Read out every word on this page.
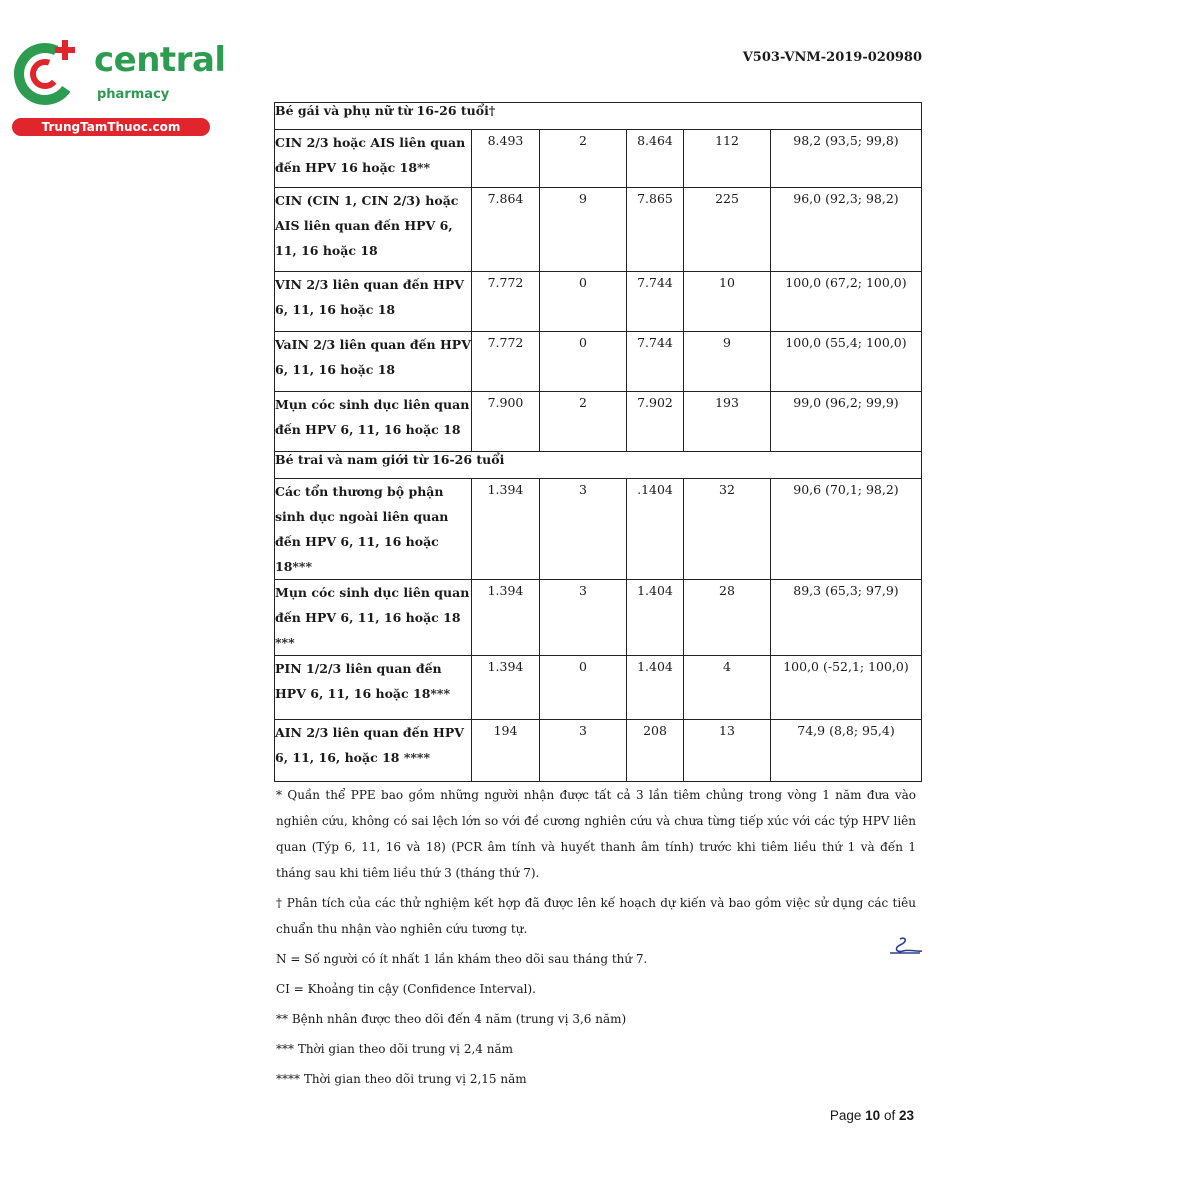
central
pharmacy
TrungTamThuoc.com
V503-VNM-2019-020980
Bé gái và phụ nữ từ 16-26 tuổi†					
CIN 2/3 hoặc AIS liên quan đến HPV 16 hoặc 18**	8.493	2	8.464	112	98,2 (93,5; 99,8)
CIN (CIN 1, CIN 2/3) hoặc AIS liên quan đến HPV 6, 11, 16 hoặc 18	7.864	9	7.865	225	96,0 (92,3; 98,2)
VIN 2/3 liên quan đến HPV 6, 11, 16 hoặc 18	7.772	0	7.744	10	100,0 (67,2; 100,0)
VaIN 2/3 liên quan đến HPV 6, 11, 16 hoặc 18	7.772	0	7.744	9	100,0 (55,4; 100,0)
Mụn cóc sinh dục liên quan đến HPV 6, 11, 16 hoặc 18	7.900	2	7.902	193	99,0 (96,2; 99,9)
Bé trai và nam giới từ 16-26 tuổi					
Các tổn thương bộ phận sinh dục ngoài liên quan đến HPV 6, 11, 16 hoặc 18***	1.394	3	.1404	32	90,6 (70,1; 98,2)
Mụn cóc sinh dục liên quan đến HPV 6, 11, 16 hoặc 18 ***	1.394	3	1.404	28	89,3 (65,3; 97,9)
PIN 1/2/3 liên quan đến HPV 6, 11, 16 hoặc 18***	1.394	0	1.404	4	100,0 (-52,1; 100,0)
AIN 2/3 liên quan đến HPV 6, 11, 16, hoặc 18 ****	194	3	208	13	74,9 (8,8; 95,4)

* Quần thể PPE bao gồm những người nhận được tất cả 3 lần tiêm chủng trong vòng 1 năm đưa vào nghiên cứu, không có sai lệch lớn so với đề cương nghiên cứu và chưa từng tiếp xúc với các týp HPV liên quan (Týp 6, 11, 16 và 18) (PCR âm tính và huyết thanh âm tính) trước khi tiêm liều thứ 1 và đến 1 tháng sau khi tiêm liều thứ 3 (tháng thứ 7).

† Phân tích của các thử nghiệm kết hợp đã được lên kế hoạch dự kiến và bao gồm việc sử dụng các tiêu chuẩn thu nhận vào nghiên cứu tương tự.

N = Số người có ít nhất 1 lần khám theo dõi sau tháng thứ 7.

CI = Khoảng tin cậy (Confidence Interval).

** Bệnh nhân được theo dõi đến 4 năm (trung vị 3,6 năm)

*** Thời gian theo dõi trung vị 2,4 năm

**** Thời gian theo dõi trung vị 2,15 năm

Page 10 of 23
